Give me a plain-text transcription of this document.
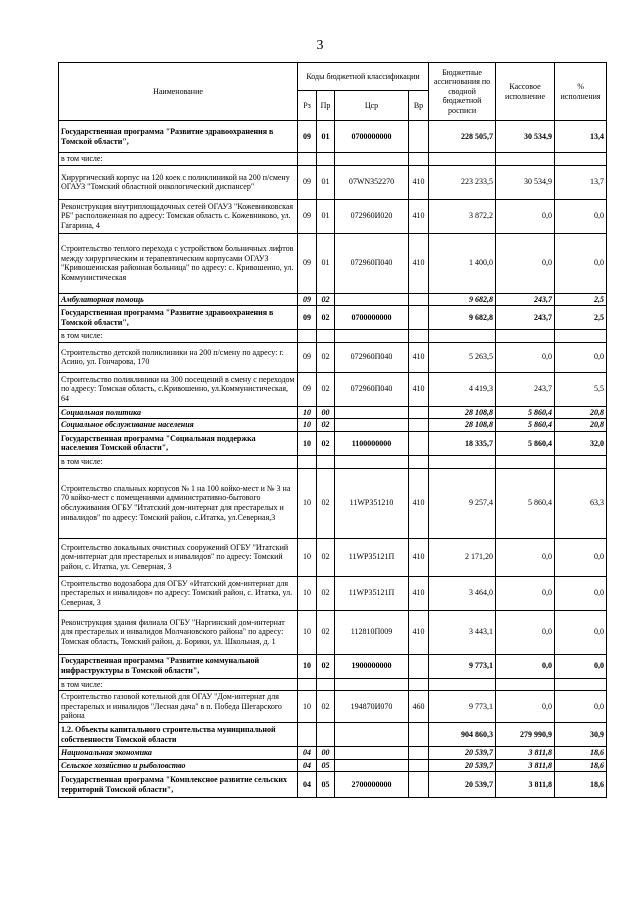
3
Наименование	Коды бюджетной классификации				Бюджетные ассигнования по сводной бюджетной росписи	Кассовое исполнение	% исполнения
	Рз	Пр	Цср	Вр			
Государственная программа "Развитие здравоохранения в Томской области",	09	01	0700000000		228 505,7	30 534,9	13,4
в том числе:							
Хирургический корпус на 120 коек с поликлиникой на 200 п/смену ОГАУЗ "Томский областной онкологический диспансер"	09	01	07WN352270	410	223 233,5	30 534,9	13,7
Реконструкция внутриплощадочных сетей ОГАУЗ "Кожевниковская РБ" расположенная по адресу: Томская область с. Кожевниково, ул. Гагарина, 4	09	01	072960И020	410	3 872,2	0,0	0,0
Строительство теплого перехода с устройством больничных лифтов между хирургическим и терапевтическим корпусами ОГАУЗ "Кривошеинская районная больница" по адресу: с. Кривошеино, ул. Коммунистическая	09	01	072960П040	410	1 400,0	0,0	0,0
Амбулаторная помощь	09	02			9 682,8	243,7	2,5
Государственная программа "Развитие здравоохранения в Томской области",	09	02	0700000000		9 682,8	243,7	2,5
в том числе:							
Строительство детской поликлиники на 200 п/смену по адресу: г. Асино, ул. Гончарова, 170	09	02	072960П040	410	5 263,5	0,0	0,0
Строительство поликлиники на 300 посещений в смену с переходом по адресу: Томская область, с.Кривошеино, ул.Коммунистическая, 64	09	02	072960П040	410	4 419,3	243,7	5,5
Социальная политика	10	00			28 108,8	5 860,4	20,8
Социальное обслуживание населения	10	02			28 108,8	5 860,4	20,8
Государственная программа "Социальная поддержка населения Томской области",	10	02	1100000000		18 335,7	5 860,4	32,0
в том числе:							
Строительство спальных корпусов № 1 на 100 койко-мест и № 3 на 70 койко-мест с помещениями административно-бытового обслуживания ОГБУ "Итатский дом-интернат для престарелых и инвалидов" по адресу: Томский район, с.Итатка, ул.Северная,3	10	02	11WP351210	410	9 257,4	5 860,4	63,3
Строительство локальных очистных сооружений ОГБУ "Итатский дом-интернат для престарелых и инвалидов" по адресу: Томский район, с. Итатка, ул. Северная, 3	10	02	11WP35121П	410	2 171,20	0,0	0,0
Строительство водозабора для ОГБУ «Итатский дом-интернат для престарелых и инвалидов» по адресу: Томский район, с. Итатка, ул. Северная, 3	10	02	11WP35121П	410	3 464,0	0,0	0,0
Реконструкция здания филиала ОГБУ "Наргинский дом-интернат для престарелых и инвалидов Молчановского района" по адресу: Томская область, Томский район, д. Борики, ул. Школьная, д. 1	10	02	112810П009	410	3 443,1	0,0	0,0
Государственная программа "Развитие коммунальной инфраструктуры в Томской области",	10	02	1900000000		9 773,1	0,0	0,0
в том числе:							
Строительство газовой котельной для ОГАУ "Дом-интернат для престарелых и инвалидов "Лесная дача" в п. Победа Шегарского района	10	02	194870И070	460	9 773,1	0,0	0,0
1.2. Объекты капитального строительства муниципальной собственности Томской области					904 860,3	279 990,9	30,9
Национальная экономика	04	00			20 539,7	3 811,8	18,6
Сельское хозяйство и рыболовство	04	05			20 539,7	3 811,8	18,6
Государственная программа "Комплексное развитие сельских территорий Томской области",	04	05	2700000000		20 539,7	3 811,8	18,6
